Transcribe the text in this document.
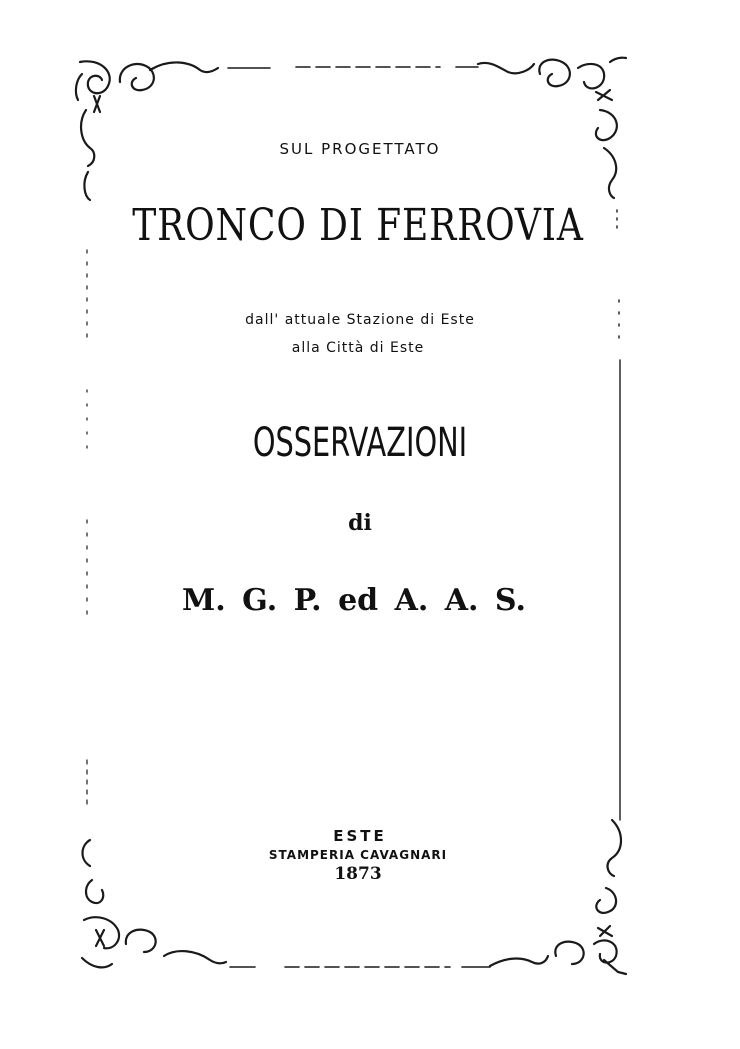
SUL PROGETTATO
TRONCO DI FERROVIA
dall' attuale Stazione di Este
alla Città di Este
OSSERVAZIONI
di
M. G. P. ed A. A. S.
ESTE
STAMPERIA CAVAGNARI
1873
